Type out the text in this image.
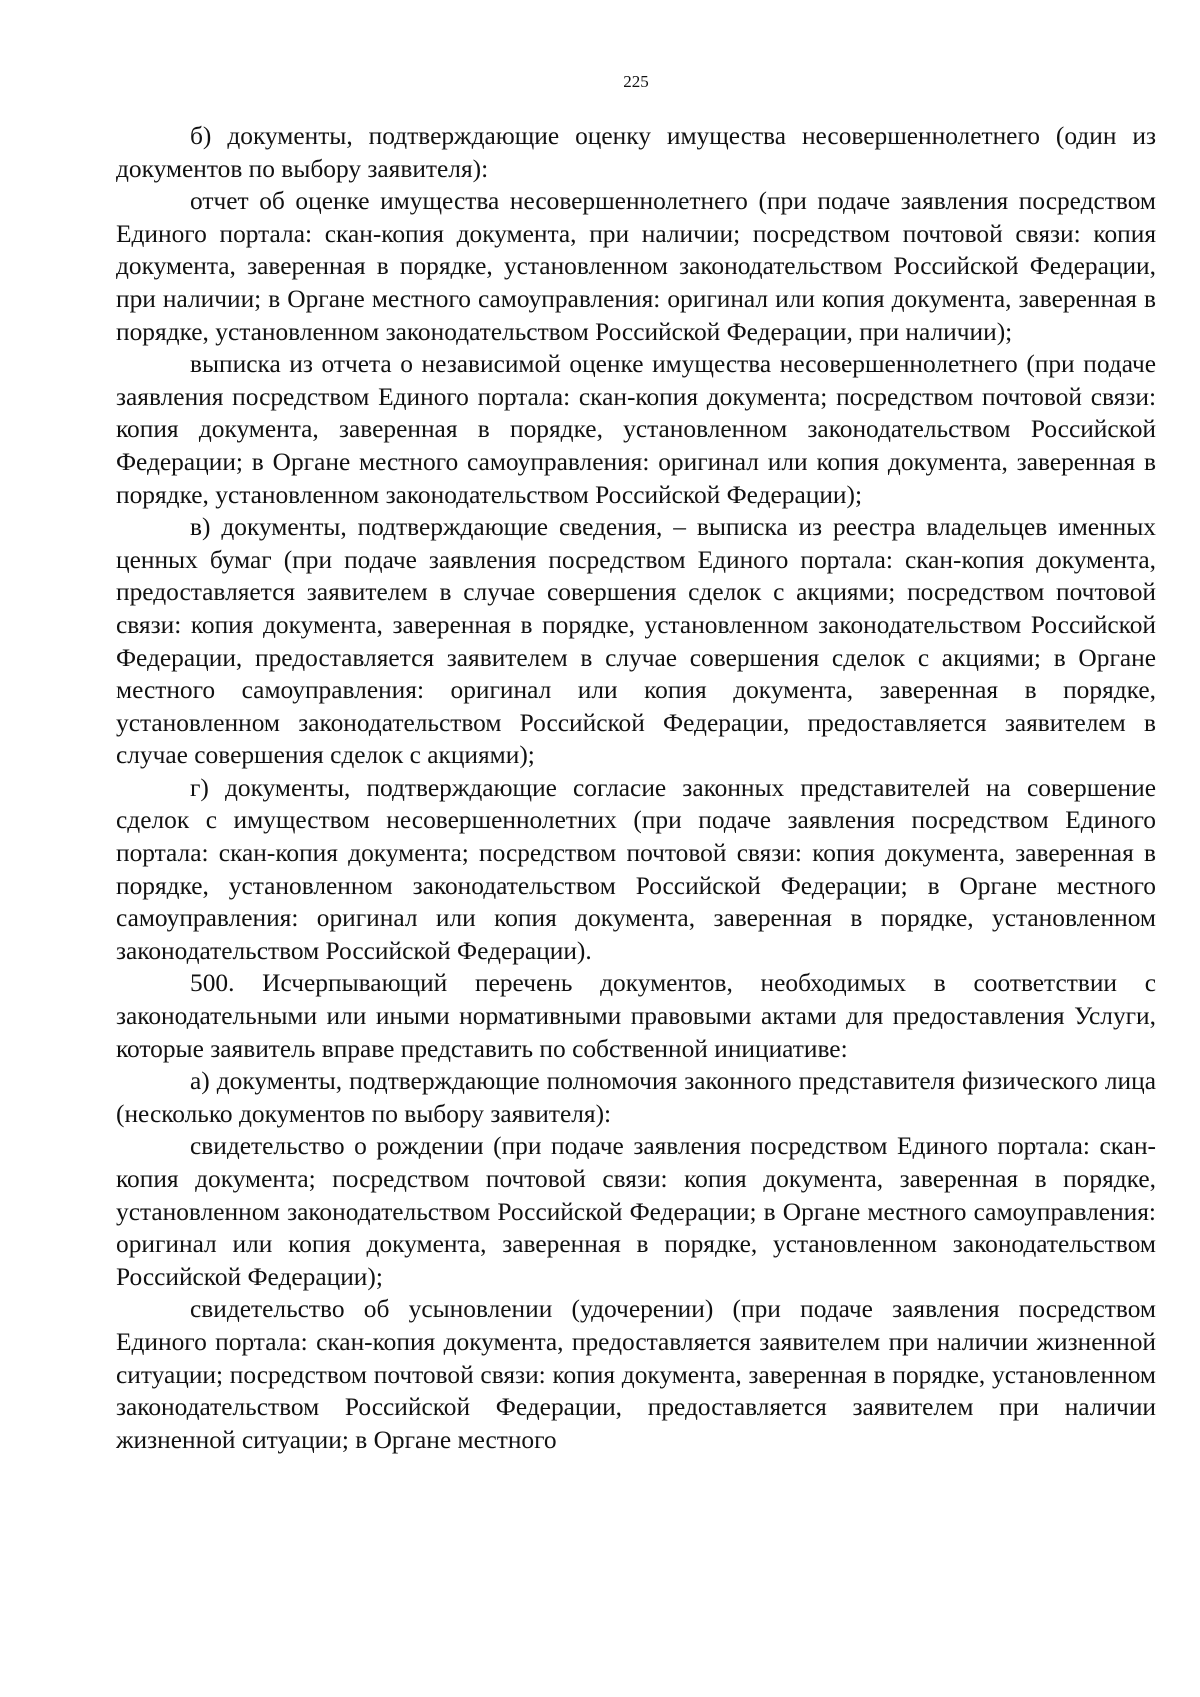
225

б) документы, подтверждающие оценку имущества несовершеннолетнего (один из документов по выбору заявителя):

отчет об оценке имущества несовершеннолетнего (при подаче заявления посредством Единого портала: скан-копия документа, при наличии; посредством почтовой связи: копия документа, заверенная в порядке, установленном законодательством Российской Федерации, при наличии; в Органе местного самоуправления: оригинал или копия документа, заверенная в порядке, установленном законодательством Российской Федерации, при наличии);

выписка из отчета о независимой оценке имущества несовершеннолетнего (при подаче заявления посредством Единого портала: скан-копия документа; посредством почтовой связи: копия документа, заверенная в порядке, установленном законодательством Российской Федерации; в Органе местного самоуправления: оригинал или копия документа, заверенная в порядке, установленном законодательством Российской Федерации);

в) документы, подтверждающие сведения, – выписка из реестра владельцев именных ценных бумаг (при подаче заявления посредством Единого портала: скан-копия документа, предоставляется заявителем в случае совершения сделок с акциями; посредством почтовой связи: копия документа, заверенная в порядке, установленном законодательством Российской Федерации, предоставляется заявителем в случае совершения сделок с акциями; в Органе местного самоуправления: оригинал или копия документа, заверенная в порядке, установленном законодательством Российской Федерации, предоставляется заявителем в случае совершения сделок с акциями);

г) документы, подтверждающие согласие законных представителей на совершение сделок с имуществом несовершеннолетних (при подаче заявления посредством Единого портала: скан-копия документа; посредством почтовой связи: копия документа, заверенная в порядке, установленном законодательством Российской Федерации; в Органе местного самоуправления: оригинал или копия документа, заверенная в порядке, установленном законодательством Российской Федерации).

500. Исчерпывающий перечень документов, необходимых в соответствии с законодательными или иными нормативными правовыми актами для предоставления Услуги, которые заявитель вправе представить по собственной инициативе:

а) документы, подтверждающие полномочия законного представителя физического лица (несколько документов по выбору заявителя):

свидетельство о рождении (при подаче заявления посредством Единого портала: скан-копия документа; посредством почтовой связи: копия документа, заверенная в порядке, установленном законодательством Российской Федерации; в Органе местного самоуправления: оригинал или копия документа, заверенная в порядке, установленном законодательством Российской Федерации);

свидетельство об усыновлении (удочерении) (при подаче заявления посредством Единого портала: скан-копия документа, предоставляется заявителем при наличии жизненной ситуации; посредством почтовой связи: копия документа, заверенная в порядке, установленном законодательством Российской Федерации, предоставляется заявителем при наличии жизненной ситуации; в Органе местного
